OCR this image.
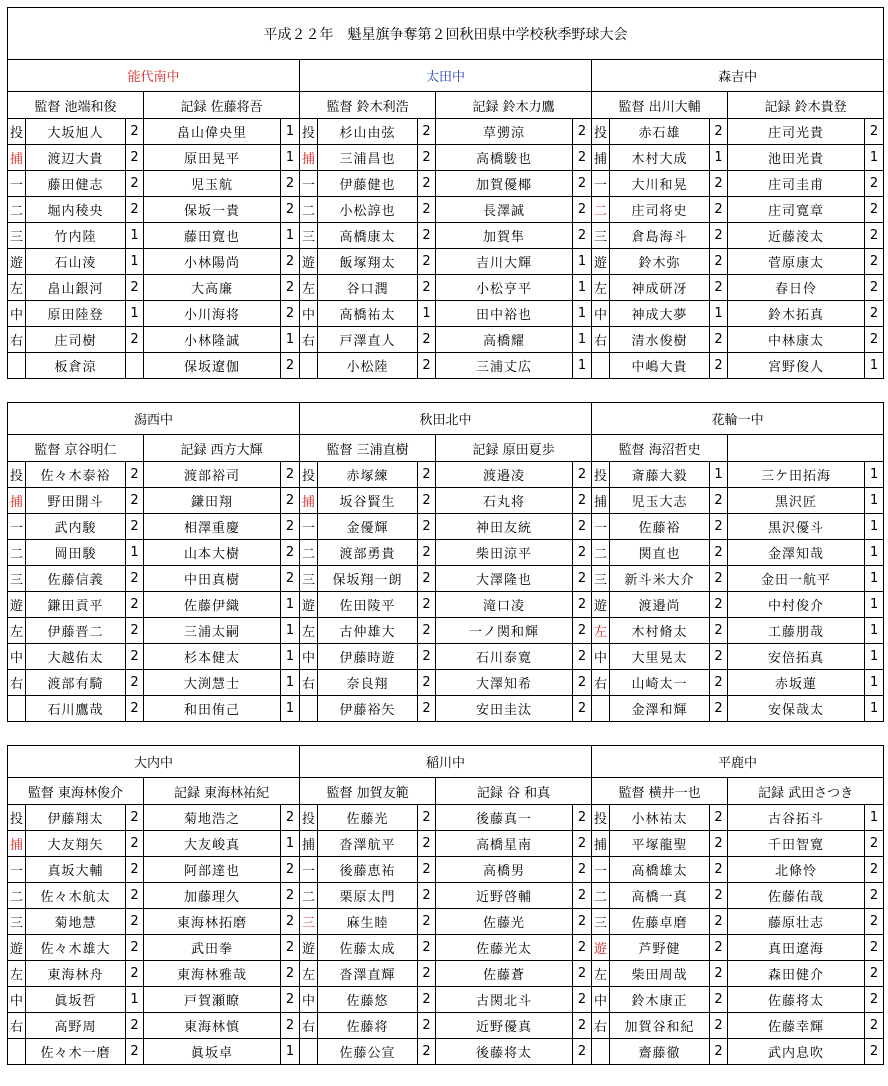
平成２２年　魁星旗争奪第２回秋田県中学校秋季野球大会
能代南中					太田中					森吉中				
監督 池端和俊			記録 佐藤将吾		監督 鈴木利浩			記録 鈴木力鷹		監督 出川大輔			記録 鈴木貴登	
投	大坂旭人	2	畠山偉央里	1	投	杉山由弦	2	草彅涼	2	投	赤石雄	2	庄司光貴	2
捕	渡辺大貴	2	原田晃平	1	捕	三浦昌也	2	高橋駿也	2	捕	木村大成	1	池田光貴	1
一	藤田健志	2	児玉航	2	一	伊藤健也	2	加賀優椰	2	一	大川和晃	2	庄司圭甫	2
二	堀内稜央	2	保坂一貴	2	二	小松諄也	2	長澤誠	2	二	庄司将史	2	庄司寛章	2
三	竹内陸	1	藤田寛也	1	三	高橋康太	2	加賀隼	2	三	倉島海斗	2	近藤淩太	2
遊	石山淩	1	小林陽尚	2	遊	飯塚翔太	2	吉川大輝	1	遊	鈴木弥	2	菅原康太	2
左	畠山銀河	2	大高廉	2	左	谷口潤	2	小松亨平	1	左	神成研冴	2	春日伶	2
中	原田陸登	1	小川海将	2	中	高橋祐太	1	田中裕也	1	中	神成大夢	1	鈴木拓真	2
右	庄司樹	2	小林隆誠	1	右	戸澤直人	2	高橋耀	1	右	清水俊樹	2	中林康太	2
	板倉涼		保坂遼伽	2		小松陸	2	三浦丈広	1		中嶋大貴	2	宮野俊人	1
潟西中					秋田北中					花輪一中				
監督 京谷明仁			記録 西方大輝		監督 三浦直樹			記録 原田夏歩		監督 海沼哲史				
投	佐々木泰裕	2	渡部裕司	2	投	赤塚練	2	渡邉凌	2	投	斎藤大毅	1	三ケ田拓海	1
捕	野田開斗	2	鎌田翔	2	捕	坂谷賢生	2	石丸将	2	捕	児玉大志	2	黒沢匠	1
一	武内駿	2	相澤重慶	2	一	金優輝	2	神田友統	2	一	佐藤裕	2	黒沢優斗	1
二	岡田駿	1	山本大樹	2	二	渡部勇貴	2	柴田涼平	2	二	関直也	2	金澤知哉	1
三	佐藤信義	2	中田真樹	2	三	保坂翔一朗	2	大澤隆也	2	三	新斗米大介	2	金田一航平	1
遊	鎌田貢平	2	佐藤伊織	1	遊	佐田陵平	2	滝口凌	2	遊	渡邉尚	2	中村俊介	1
左	伊藤晋二	2	三浦太嗣	1	左	古仲雄大	2	一ノ関和輝	2	左	木村脩太	2	工藤朋哉	1
中	大越佑太	2	杉本健太	1	中	伊藤時遊	2	石川泰寛	2	中	大里晃太	2	安倍拓真	1
右	渡部有騎	2	大渕慧士	1	右	奈良翔	2	大澤知希	2	右	山崎太一	2	赤坂蓮	1
	石川鷹哉	2	和田侑己	1		伊藤裕矢	2	安田圭汰	2		金澤和輝	2	安保哉太	1
大内中					稲川中					平鹿中				
監督 東海林俊介			記録 東海林祐紀		監督 加賀友範			記録 谷 和真		監督 横井一也			記録 武田さつき	
投	伊藤翔太	2	菊地浩之	2	投	佐藤光	2	後藤真一	2	投	小林祐太	2	古谷拓斗	1
捕	大友翔矢	2	大友峻真	1	捕	沓澤航平	2	高橋星南	2	捕	平塚龍聖	2	千田智寛	2
一	真坂大輔	2	阿部達也	2	一	後藤恵祐	2	高橋男	2	一	高橋雄太	2	北條怜	2
二	佐々木航太	2	加藤理久	2	二	栗原太門	2	近野啓輔	2	二	高橋一真	2	佐藤佑哉	2
三	菊地慧	2	東海林拓磨	2	三	麻生睦	2	佐藤光	2	三	佐藤卓磨	2	藤原壮志	2
遊	佐々木雄大	2	武田拳	2	遊	佐藤太成	2	佐藤光太	2	遊	芦野健	2	真田遼海	2
左	東海林舟	2	東海林雅哉	2	左	沓澤直輝	2	佐藤蒼	2	左	柴田周哉	2	森田健介	2
中	眞坂哲	1	戸賀瀬瞭	2	中	佐藤悠	2	古関北斗	2	中	鈴木康正	2	佐藤将太	2
右	高野周	2	東海林慎	2	右	佐藤将	2	近野優真	2	右	加賀谷和紀	2	佐藤幸輝	2
	佐々木一磨	2	眞坂卓	1		佐藤公宣	2	後藤将太	2		齋藤徹	2	武内息吹	2
